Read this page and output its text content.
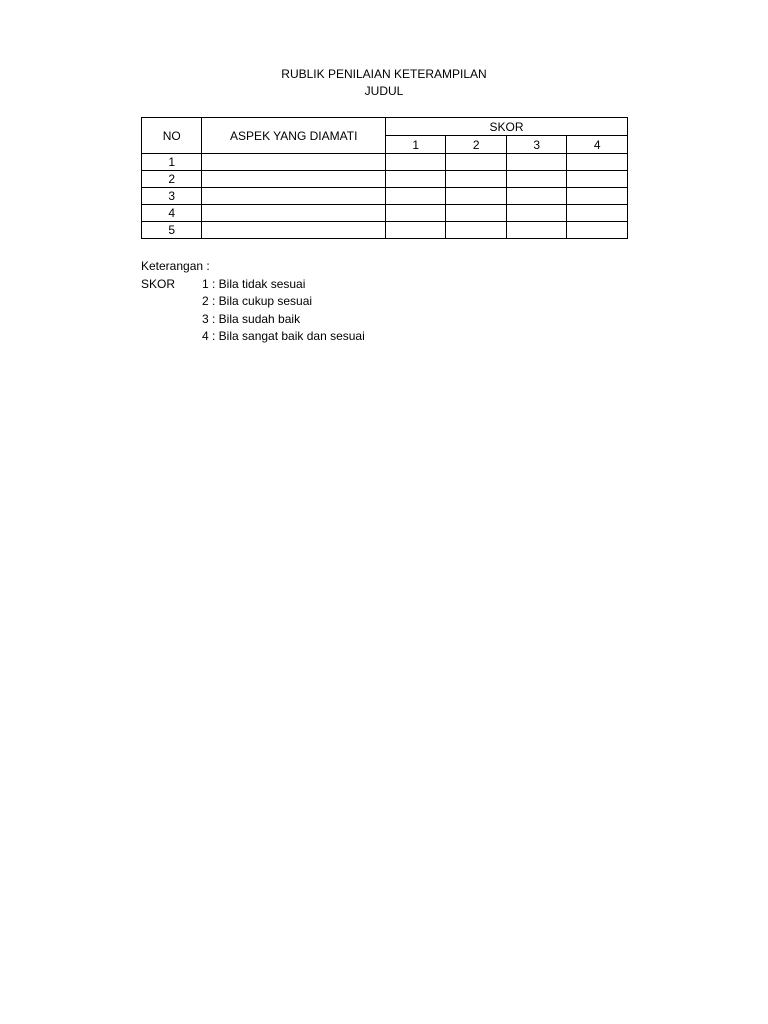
RUBLIK PENILAIAN KETERAMPILAN
JUDUL
NO	ASPEK YANG DIAMATI	SKOR			
		1	2	3	4
1					
2					
3					
4					
5					
Keterangan :
SKOR 1 : Bila tidak sesuai
2 : Bila cukup sesuai
3 : Bila sudah baik
4 : Bila sangat baik dan sesuai
